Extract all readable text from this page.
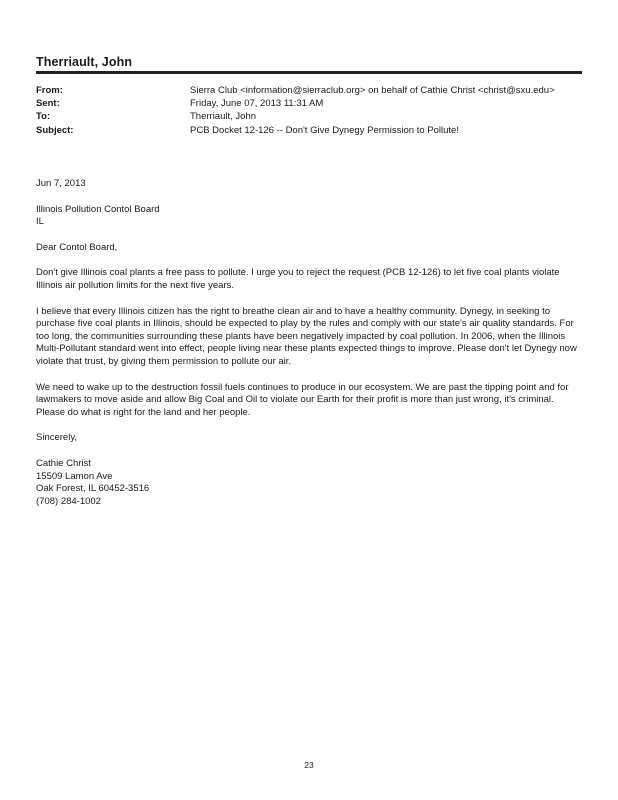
Therriault, John
From:	Sierra Club <information@sierraclub.org> on behalf of Cathie Christ <christ@sxu.edu>
Sent:	Friday, June 07, 2013 11:31 AM
To:	Therriault, John
Subject:	PCB Docket 12-126 -- Don't Give Dynegy Permission to Pollute!

Jun 7, 2013

Illinois Pollution Contol Board
IL

Dear Contol Board,

Don't give Illinois coal plants a free pass to pollute. I urge you to reject the request (PCB 12-126) to let five coal plants violate Illinois air pollution limits for the next five years.

I believe that every Illinois citizen has the right to breathe clean air and to have a healthy community. Dynegy, in seeking to purchase five coal plants in Illinois, should be expected to play by the rules and comply with our state's air quality standards. For too long, the communities surrounding these plants have been negatively impacted by coal pollution. In 2006, when the Illinois Multi-Pollutant standard went into effect, people living near these plants expected things to improve. Please don't let Dynegy now violate that trust, by giving them permission to pollute our air.

We need to wake up to the destruction fossil fuels continues to produce in our ecosystem. We are past the tipping point and for lawmakers to move aside and allow Big Coal and Oil to violate our Earth for their profit is more than just wrong, it's criminal. Please do what is right for the land and her people.

Sincerely,

Cathie Christ
15509 Lamon Ave
Oak Forest, IL 60452-3516
(708) 284-1002

23
